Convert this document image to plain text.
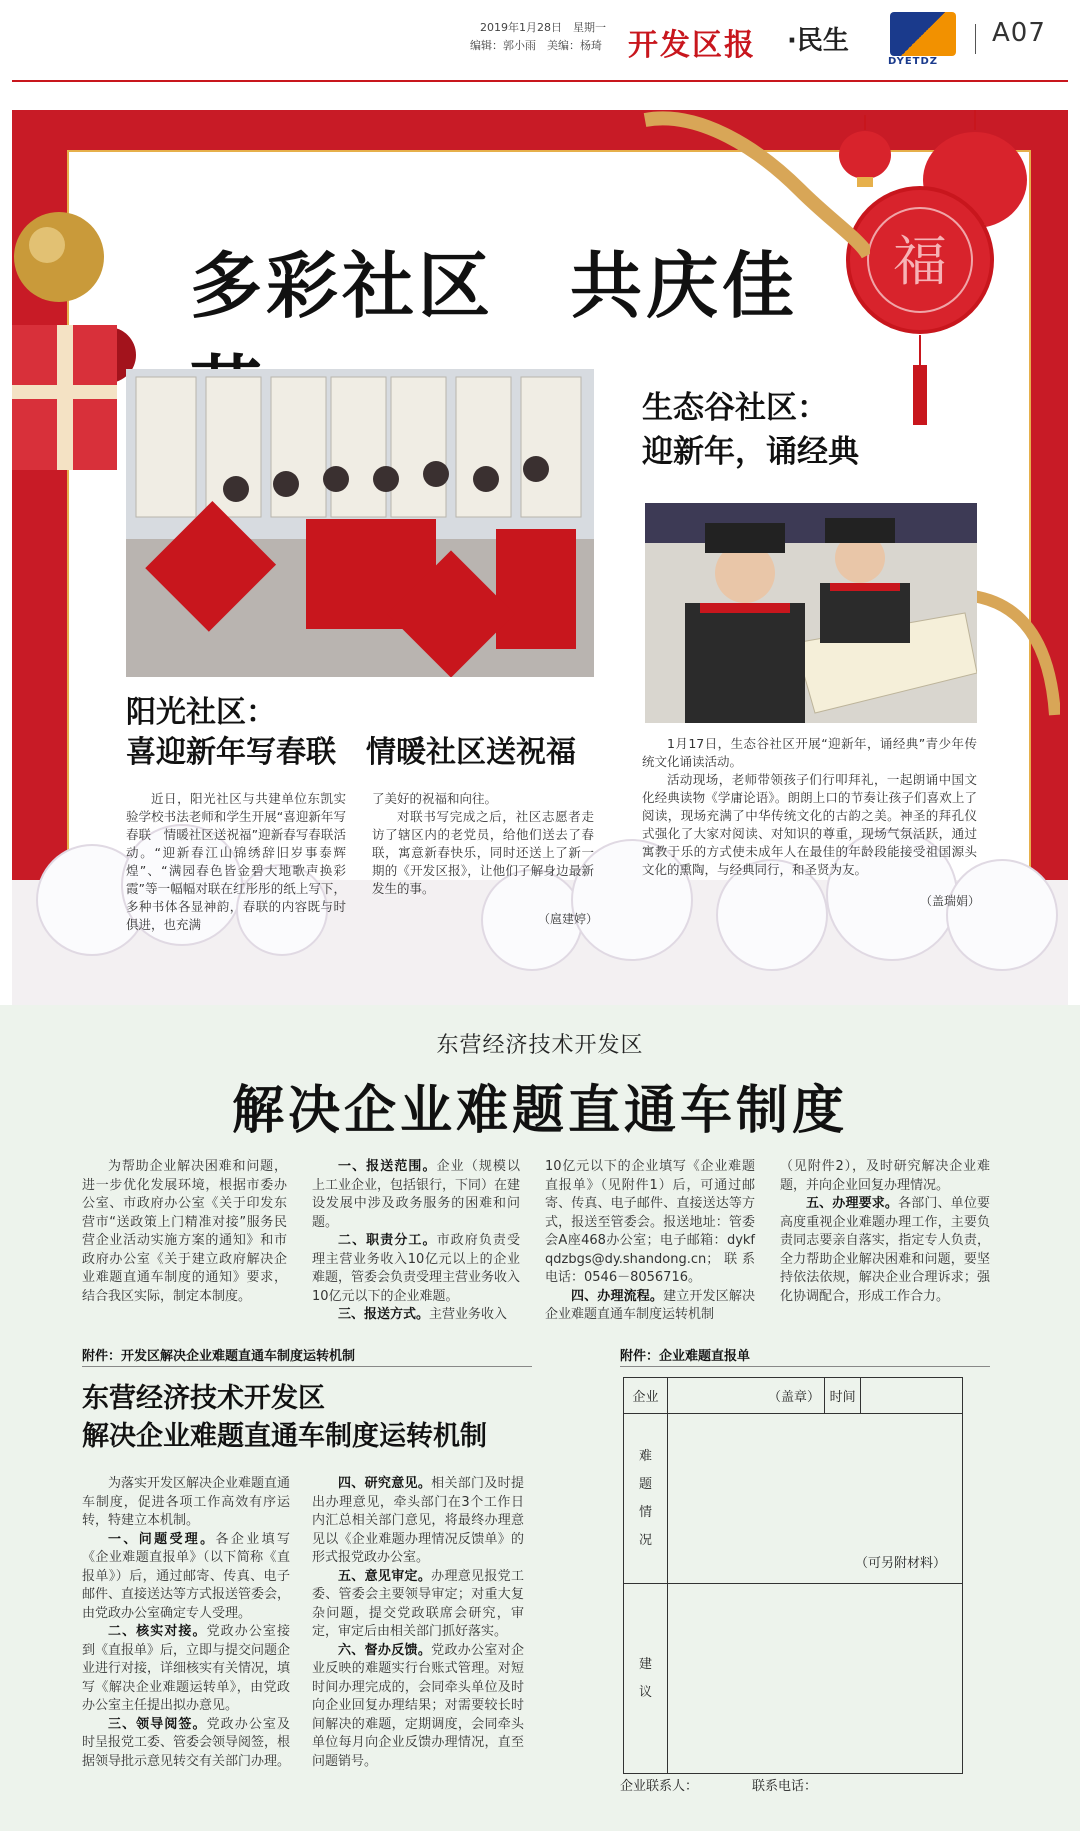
2019年1月28日　星期一
编辑：郭小雨　美编：杨琦 开发区报 ·民生
DYETDZ
A07
福
多彩社区　共庆佳
阳光社区：
喜迎新年写春联　情暖社区送祝福
近日，阳光社区与共建单位东凯实验学校书法老师和学生开展“喜迎新年写春联　情暖社区送祝福”迎新春写春联活动。“迎新春江山锦绣辞旧岁事泰辉煌”、“满园春色皆金碧大地歌声换彩霞”等一幅幅对联在红彤彤的纸上写下，多种书体各显神韵，春联的内容既与时俱进，也充满
了美好的祝福和向往。
对联书写完成之后，社区志愿者走访了辖区内的老党员，给他们送去了春联，寓意新春快乐，同时还送上了新一期的《开发区报》，让他们了解身边最新发生的事。
（扈建婷）
生态谷社区：
迎新年，诵经典
1月17日，生态谷社区开展“迎新年，诵经典”青少年传统文化诵读活动。
活动现场，老师带领孩子们行叩拜礼，一起朗诵中国文化经典读物《学庸论语》。朗朗上口的节奏让孩子们喜欢上了阅读，现场充满了中华传统文化的古韵之美。神圣的拜孔仪式强化了大家对阅读、对知识的尊重，现场气氛活跃，通过寓教于乐的方式使未成年人在最佳的年龄段能接受祖国源头文化的熏陶，与经典同行，和圣贤为友。
（盖瑞娟）
东营经济技术开发区
解决企业难题直通车制度
为帮助企业解决困难和问题，进一步优化发展环境，根据市委办公室、市政府办公室《关于印发东营市“送政策上门精准对接”服务民营企业活动实施方案的通知》和市政府办公室《关于建立政府解决企业难题直通车制度的通知》要求，结合我区实际，制定本制度。
一、报送范围。企业（规模以上工业企业，包括银行，下同）在建设发展中涉及政务服务的困难和问题。
二、职责分工。市政府负责受理主营业务收入10亿元以上的企业难题，管委会负责受理主营业务收入10亿元以下的企业难题。
三、报送方式。主营业务收入
10亿元以下的企业填写《企业难题直报单》（见附件1）后，可通过邮寄、传真、电子邮件、直接送达等方式，报送至管委会。报送地址：管委会A座468办公室；电子邮箱：dykfqdzbgs@dy.shandong.cn；联系电话：0546－8056716。
四、办理流程。建立开发区解决企业难题直通车制度运转机制
（见附件2），及时研究解决企业难题，并向企业回复办理情况。
五、办理要求。各部门、单位要高度重视企业难题办理工作，主要负责同志要亲自落实，指定专人负责，全力帮助企业解决困难和问题，要坚持依法依规，解决企业合理诉求；强化协调配合，形成工作合力。
附件：开发区解决企业难题直通车制度运转机制
东营经济技术开发区
解决企业难题直通车制度运转机制
为落实开发区解决企业难题直通车制度，促进各项工作高效有序运转，特建立本机制。
一、问题受理。各企业填写《企业难题直报单》（以下简称《直报单》）后，通过邮寄、传真、电子邮件、直接送达等方式报送管委会，由党政办公室确定专人受理。
二、核实对接。党政办公室接到《直报单》后，立即与提交问题企业进行对接，详细核实有关情况，填写《解决企业难题运转单》，由党政办公室主任提出拟办意见。
三、领导阅签。党政办公室及时呈报党工委、管委会领导阅签，根据领导批示意见转交有关部门办理。
四、研究意见。相关部门及时提出办理意见，牵头部门在3个工作日内汇总相关部门意见，将最终办理意见以《企业难题办理情况反馈单》的形式报党政办公室。
五、意见审定。办理意见报党工委、管委会主要领导审定；对重大复杂问题，提交党政联席会研究，审定，审定后由相关部门抓好落实。
六、督办反馈。党政办公室对企业反映的难题实行台账式管理。对短时间办理完成的，会同牵头单位及时向企业回复办理结果；对需要较长时间解决的难题，定期调度，会同牵头单位每月向企业反馈办理情况，直至问题销号。
附件：企业难题直报单
企业	（盖章）	时间	

难
题
情
况	（可另附材料）		

建
议			

企业联系人：	联系电话：
